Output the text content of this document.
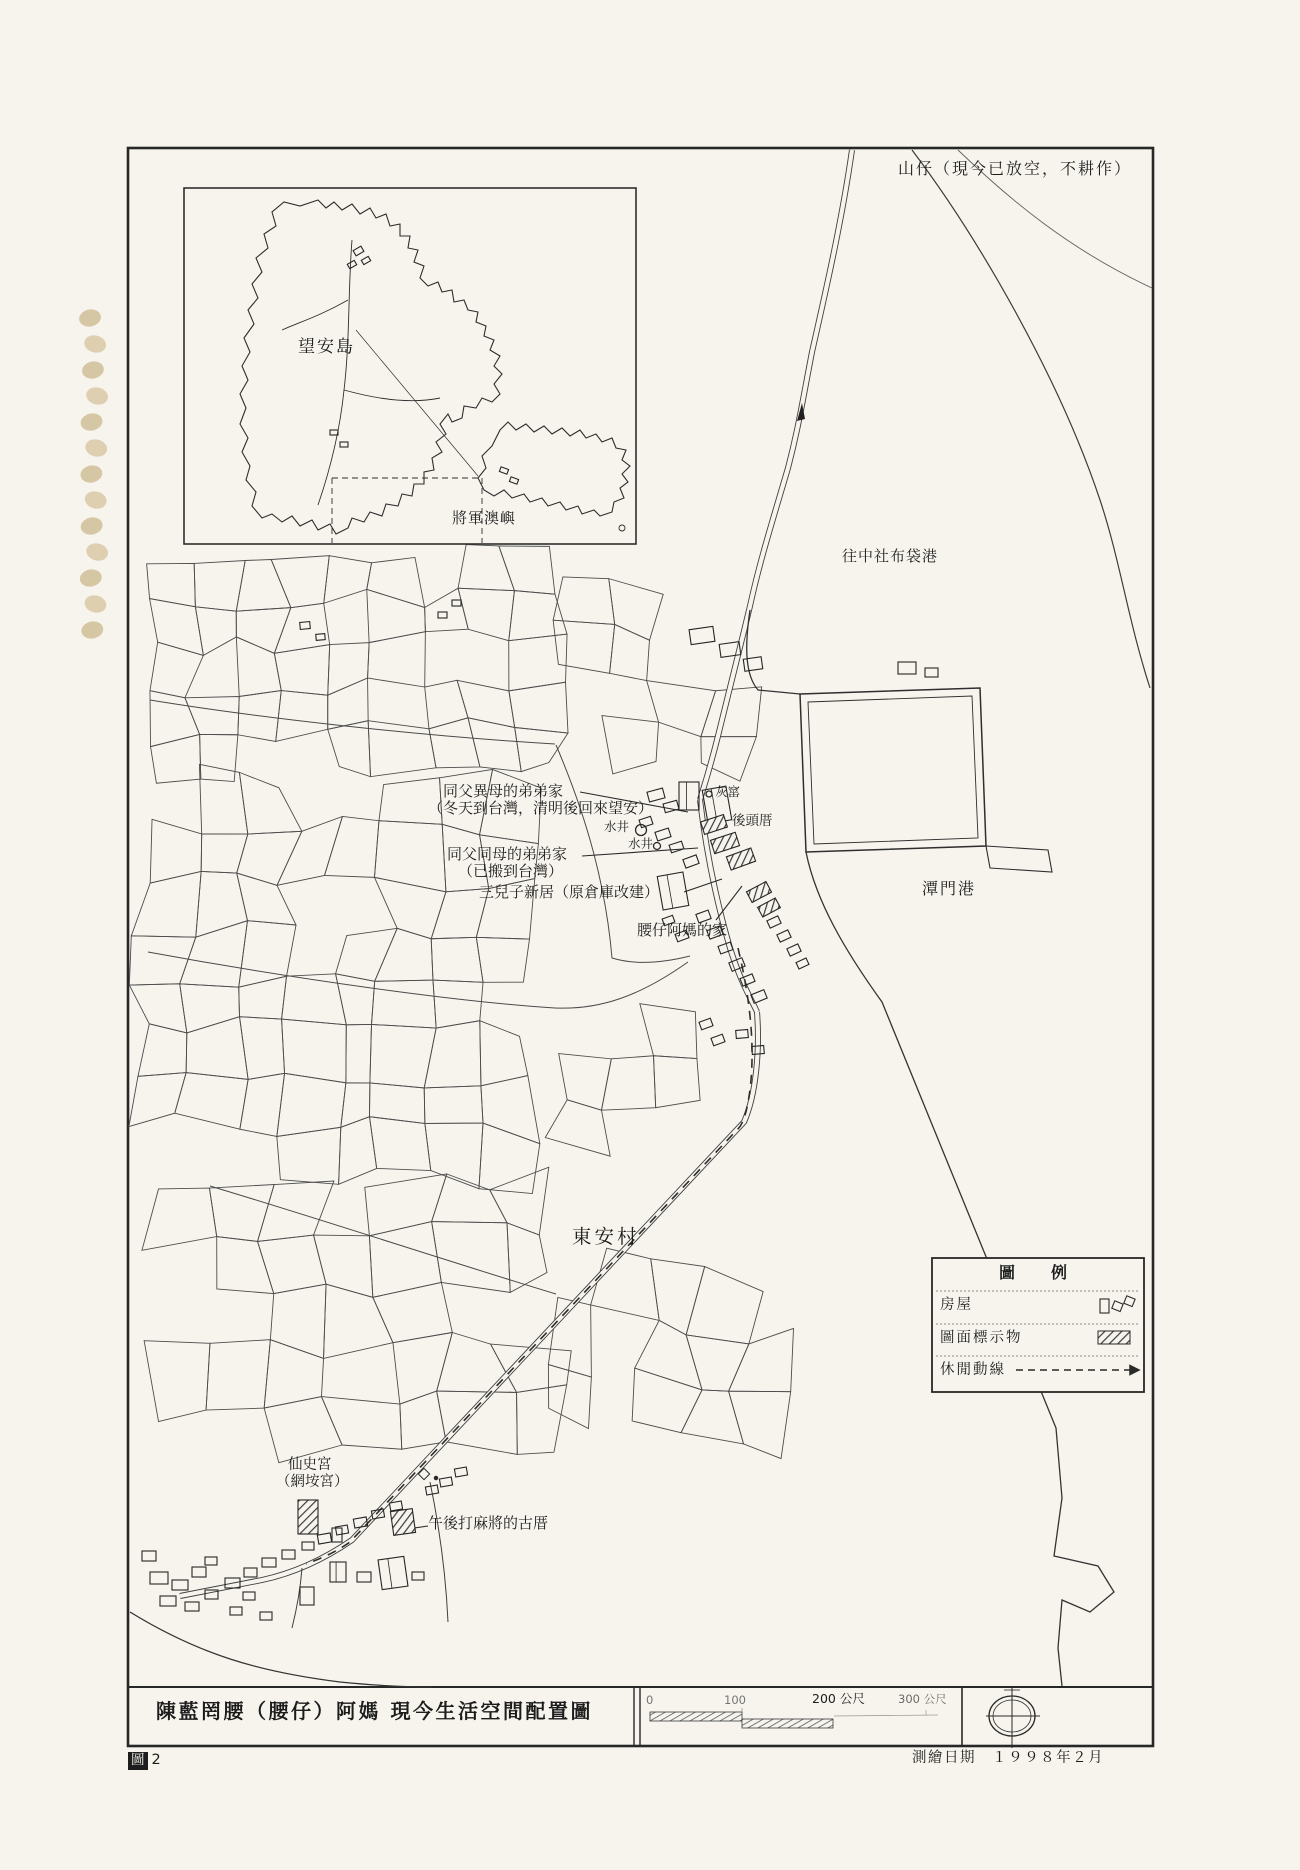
山仔（現今已放空，不耕作）
往中社布袋港
望安島
將軍澳嶼
潭門港
東安村
灰窰
後頭厝
水井
水井
同父異母的弟弟家
（冬天到台灣，清明後回來望安）
同父同母的弟弟家
（已搬到台灣）
三兒子新居（原倉庫改建）
腰仔阿媽的家
仙史宮
（網垵宮）
午後打麻將的古厝
圖　例
房屋
圖面標示物
休閒動線
陳藍罔腰（腰仔）阿媽 現今生活空間配置圖	0	100	200 公尺	300 公尺
圖 2	測繪日期 １９９８年２月
